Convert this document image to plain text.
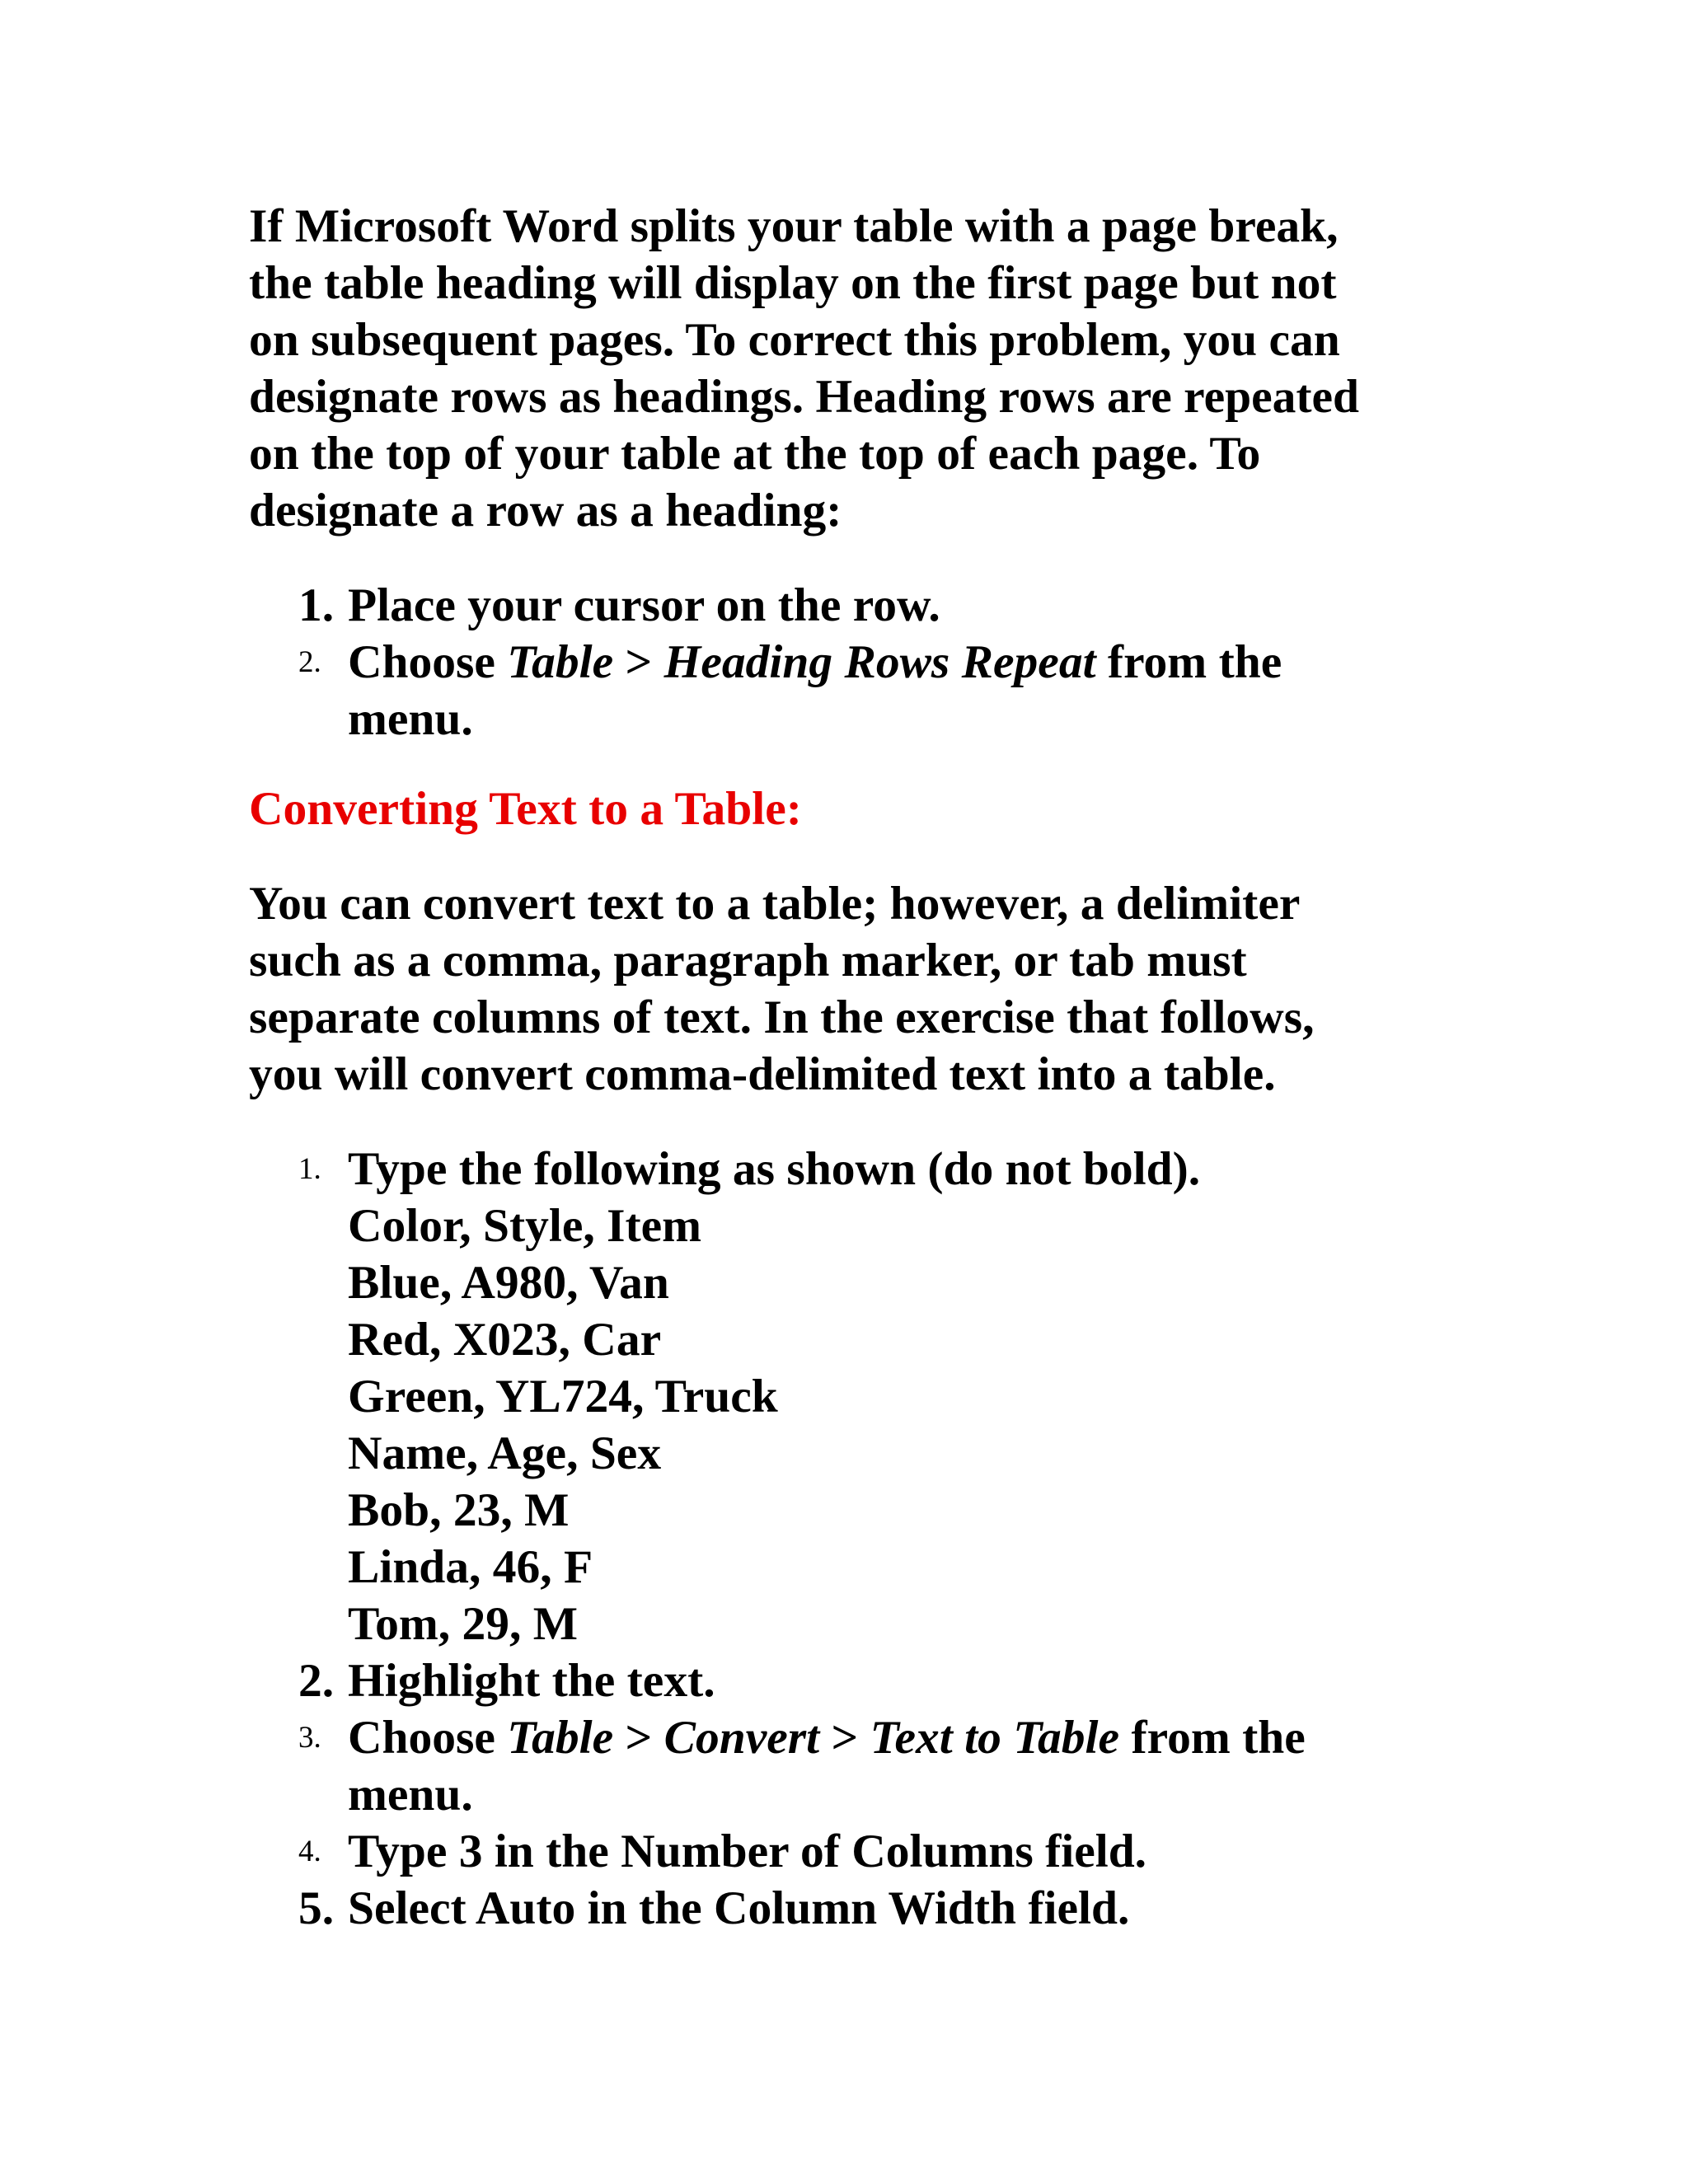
If Microsoft Word splits your table with a page break,
the table heading will display on the first page but not
on subsequent pages. To correct this problem, you can
designate rows as headings. Heading rows are repeated
on the top of your table at the top of each page. To
designate a row as a heading:

1. Place your cursor on the row.
2. Choose Table > Heading Rows Repeat from the
menu.
Converting Text to a Table:

You can convert text to a table; however, a delimiter
such as a comma, paragraph marker, or tab must
separate columns of text. In the exercise that follows,
you will convert comma-delimited text into a table.

1. Type the following as shown (do not bold).
Color, Style, Item
Blue, A980, Van
Red, X023, Car
Green, YL724, Truck
Name, Age, Sex
Bob, 23, M
Linda, 46, F
Tom, 29, M
2. Highlight the text.
3. Choose Table > Convert > Text to Table from the
menu.
4. Type 3 in the Number of Columns field.
5. Select Auto in the Column Width field.
